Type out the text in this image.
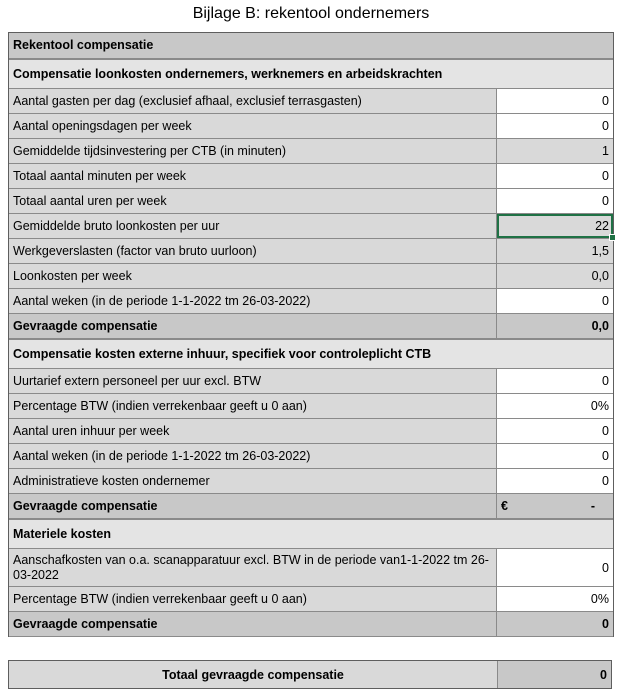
Bijlage B: rekentool ondernemers
Rekentool compensatie
Compensatie loonkosten ondernemers, werknemers en arbeidskrachten
Aantal gasten per dag (exclusief afhaal, exclusief terrasgasten)	0
Aantal openingsdagen per week	0
Gemiddelde tijdsinvestering per CTB (in minuten)	1
Totaal aantal minuten per week	0
Totaal aantal uren per week	0
Gemiddelde bruto loonkosten per uur	22
Werkgeverslasten (factor van bruto uurloon)	1,5
Loonkosten per week	0,0
Aantal weken (in de periode 1-1-2022 tm 26-03-2022)	0
Gevraagde compensatie	0,0
Compensatie kosten externe inhuur, specifiek voor controleplicht CTB
Uurtarief extern personeel per uur excl. BTW	0
Percentage BTW (indien verrekenbaar geeft u 0 aan)	0%
Aantal uren inhuur per week	0
Aantal weken (in de periode 1-1-2022 tm 26-03-2022)	0
Administratieve kosten ondernemer	0
Gevraagde compensatie	€	-
Materiele kosten
Aanschafkosten van o.a. scanapparatuur excl. BTW in de periode van1-1-2022 tm 26-03-2022	0
Percentage BTW (indien verrekenbaar geeft u 0 aan)	0%
Gevraagde compensatie	0
Totaal gevraagde compensatie	0
